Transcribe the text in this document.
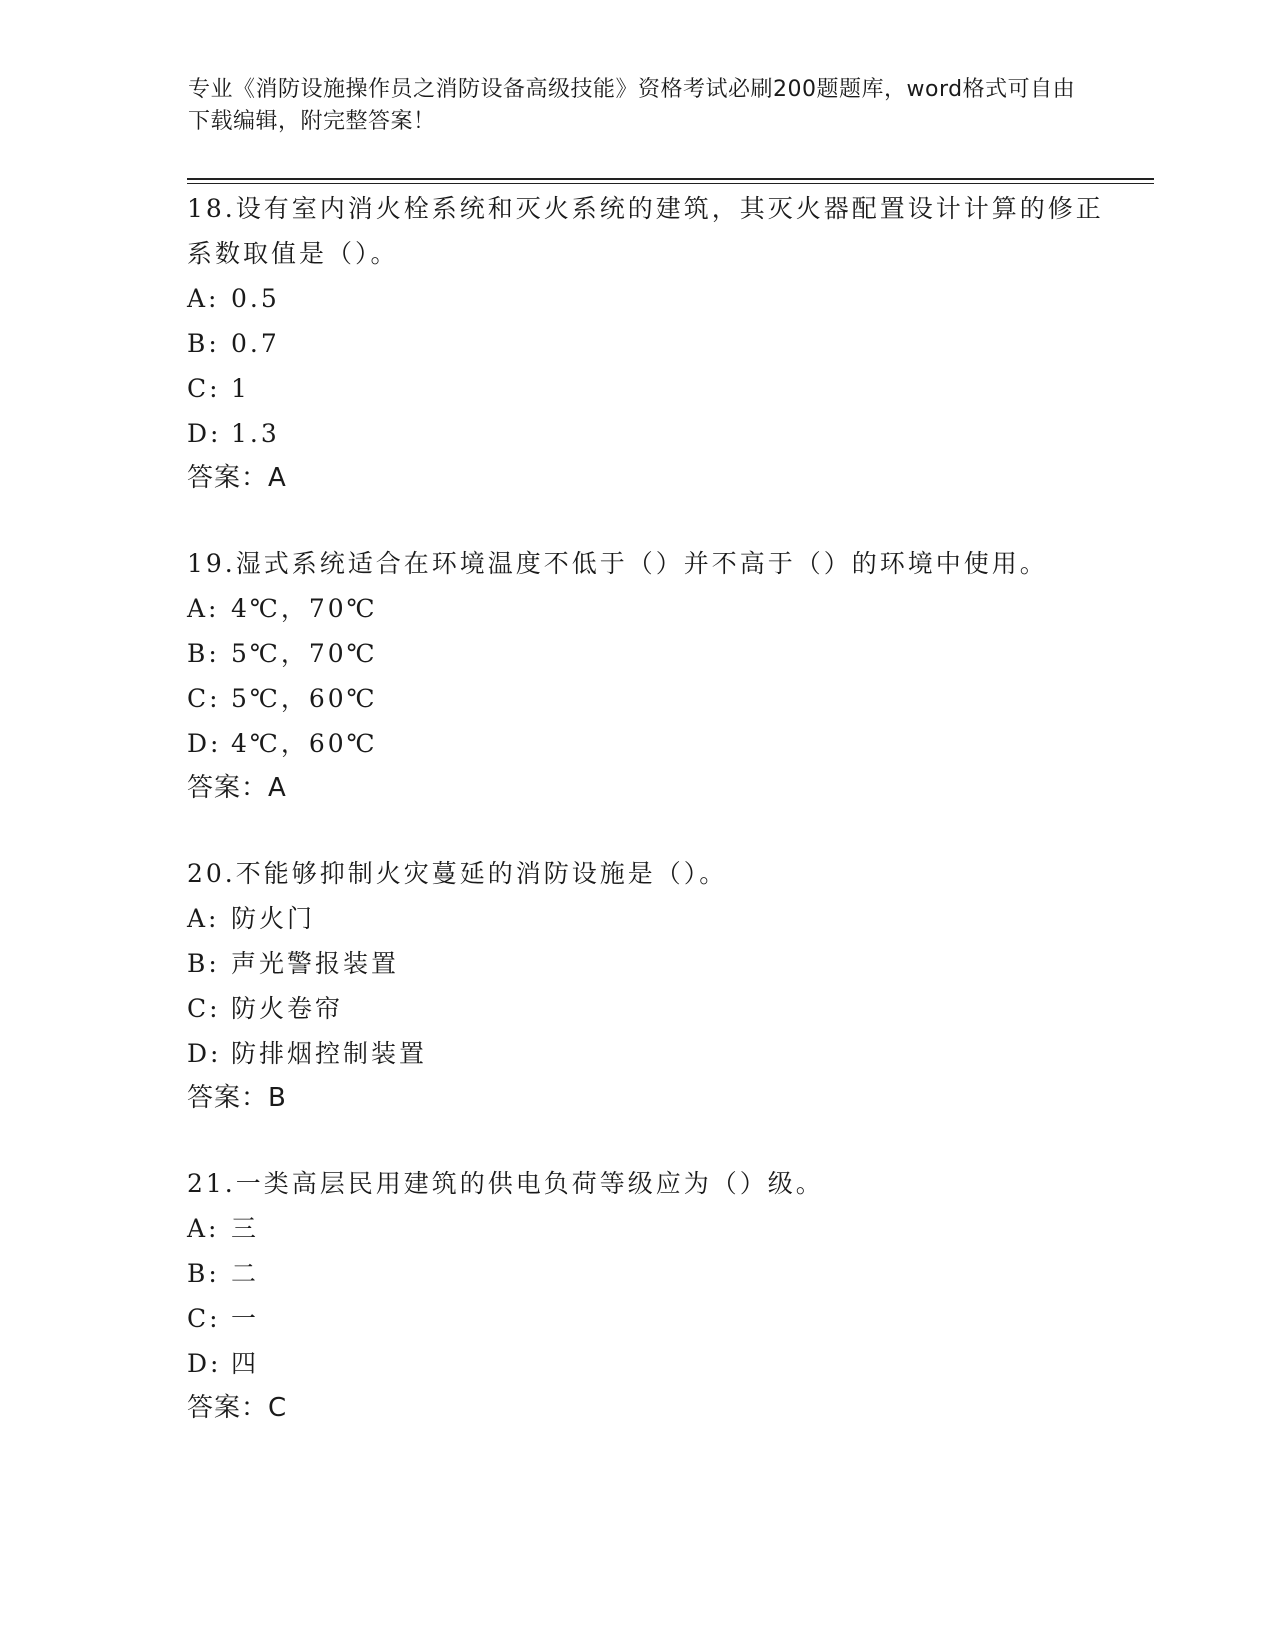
专业《消防设施操作员之消防设备高级技能》资格考试必刷200题题库，word格式可自由下载编辑，附完整答案！

18.设有室内消火栓系统和灭火系统的建筑，其灭火器配置设计计算的修正系数取值是（）。

A: 0.5
B: 0.7
C: 1
D: 1.3
答案：A

19.湿式系统适合在环境温度不低于（）并不高于（）的环境中使用。

A: 4℃，70℃
B: 5℃，70℃
C: 5℃，60℃
D: 4℃，60℃
答案：A

20.不能够抑制火灾蔓延的消防设施是（）。

A: 防火门
B: 声光警报装置
C: 防火卷帘
D: 防排烟控制装置
答案：B

21.一类高层民用建筑的供电负荷等级应为（）级。

A: 三
B: 二
C: 一
D: 四
答案：C
